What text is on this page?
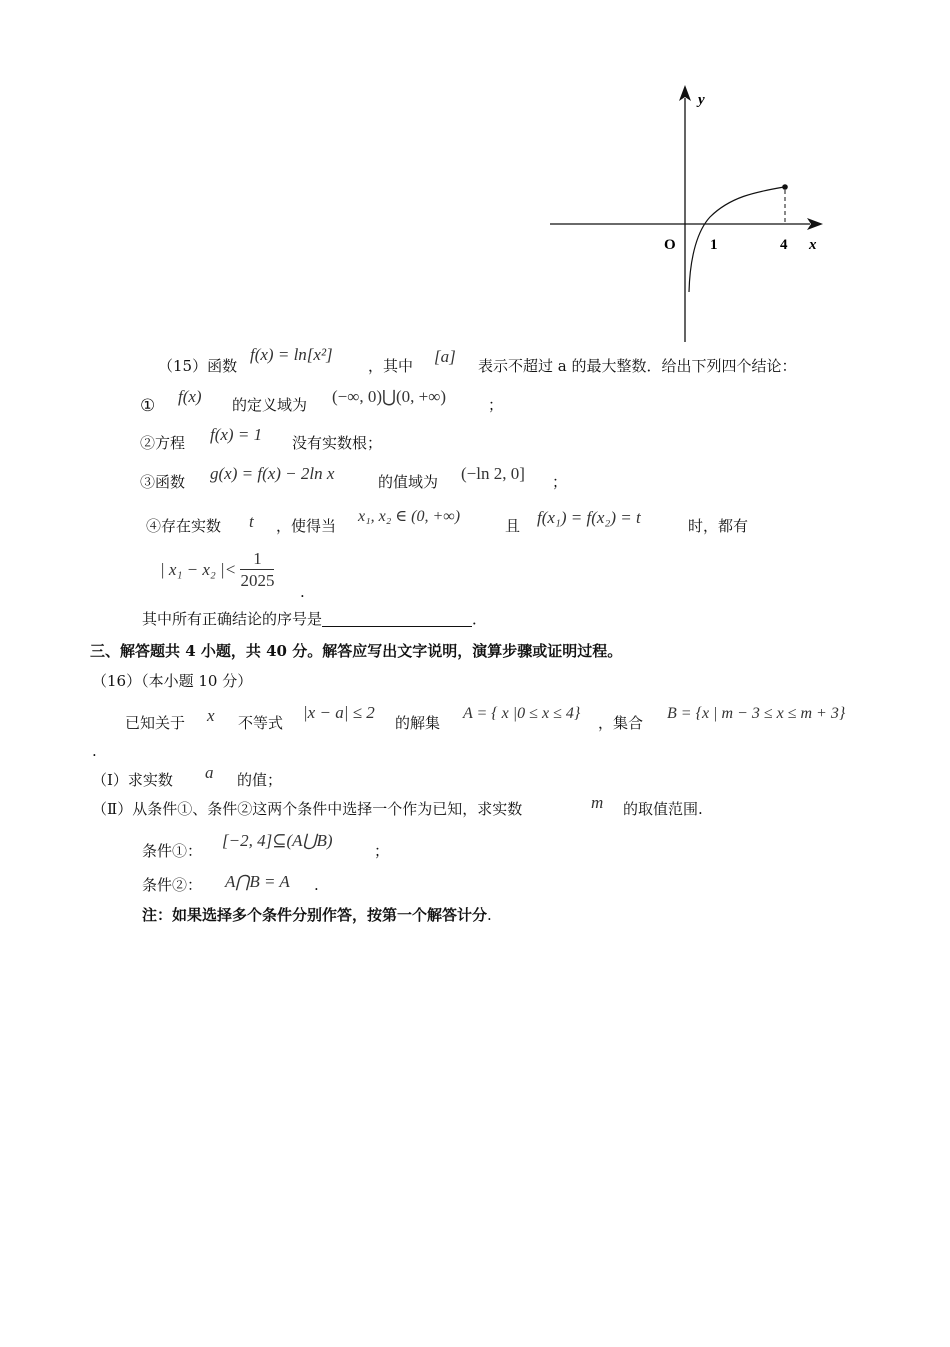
y
x
O 1	4
（15）函数
f(x) = ln[x²]
，其中 [a] 表示不超过 a 的最大整数．给出下列四个结论：
① f(x) 的定义域为 (−∞, 0)⋃(0, +∞)	；
②方程 f(x) = 1 没有实数根；
③函数 g(x) = f(x) − 2ln x	的值域为 (−ln 2, 0] ；
④存在实数 t ，使得当
x₁, x₂ ∈ (0, +∞)
且 f(x₁) = f(x₂) = t	时，都有
| x₁ − x₂ |< $\frac{1}{2025}$
.
其中所有正确结论的序号是	．
三、解答题共 4 小题，共 40 分。解答应写出文字说明，演算步骤或证明过程。
（16）（本小题 10 分）
已知关于 x 不等式
|x − a| ≤ 2
的解集
A = { x |0 ≤ x ≤ 4}
，集合
B = {x | m − 3 ≤ x ≤ m + 3}
.
（Ⅰ）求实数 a 的值；
（Ⅱ）从条件①、条件②这两个条件中选择一个作为已知，求实数	m 的取值范围.
条件①：
[−2, 4]⊆(A⋃B)
；
条件②： A⋂B = A .
注：如果选择多个条件分别作答，按第一个解答计分.
